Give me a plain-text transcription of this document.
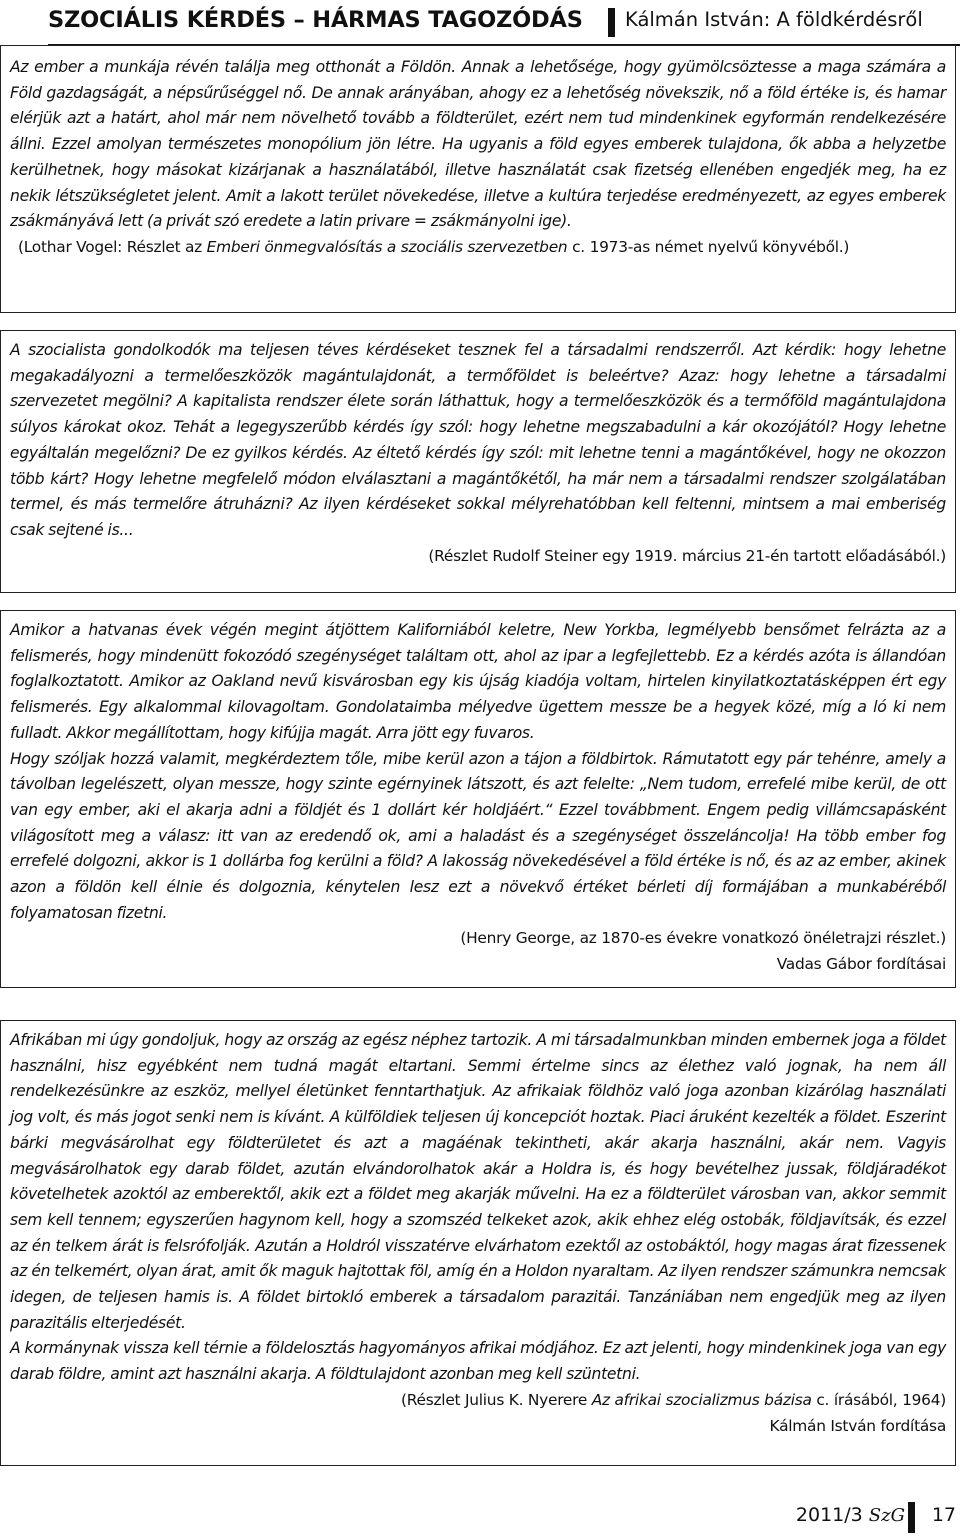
SZOCIÁLIS KÉRDÉS – HÁRMAS TAGOZÓDÁS Kálmán István: A földkérdésről

Az ember a munkája révén találja meg otthonát a Földön. Annak a lehetősége, hogy gyümölcsöztesse a maga számára a Föld gazdagságát, a népsűrűséggel nő. De annak arányában, ahogy ez a lehetőség növekszik, nő a föld értéke is, és hamar elérjük azt a határt, ahol már nem növelhető tovább a földterület, ezért nem tud mindenkinek egyformán rendelkezésére állni. Ezzel amolyan természetes monopólium jön létre. Ha ugyanis a föld egyes emberek tulajdona, ők abba a helyzetbe kerülhetnek, hogy másokat kizárjanak a használatából, illetve használatát csak fizetség ellenében engedjék meg, ha ez nekik létszükségletet jelent. Amit a lakott terület növekedése, illetve a kultúra terjedése eredményezett, az egyes emberek zsákmányává lett (a privát szó eredete a latin privare = zsákmányolni ige).

(Lothar Vogel: Részlet az Emberi önmegvalósítás a szociális szervezetben c. 1973-as német nyelvű könyvéből.)

A szocialista gondolkodók ma teljesen téves kérdéseket tesznek fel a társadalmi rendszerről. Azt kérdik: hogy lehetne megakadályozni a termelőeszközök magántulajdonát, a termőföldet is beleértve? Azaz: hogy lehetne a társadalmi szervezetet megölni? A kapitalista rendszer élete során láthattuk, hogy a termelőeszközök és a termőföld magántulajdona súlyos károkat okoz. Tehát a legegyszerűbb kérdés így szól: hogy lehetne megszabadulni a kár okozójától? Hogy lehetne egyáltalán megelőzni? De ez gyilkos kérdés. Az éltető kérdés így szól: mit lehetne tenni a magántőkével, hogy ne okozzon több kárt? Hogy lehetne megfelelő módon elválasztani a magántőkétől, ha már nem a társadalmi rendszer szolgálatában termel, és más termelőre átruházni? Az ilyen kérdéseket sokkal mélyrehatóbban kell feltenni, mintsem a mai emberiség csak sejtené is...

(Részlet Rudolf Steiner egy 1919. március 21-én tartott előadásából.)

Amikor a hatvanas évek végén megint átjöttem Kaliforniából keletre, New Yorkba, legmélyebb bensőmet felrázta az a felismerés, hogy mindenütt fokozódó szegénységet találtam ott, ahol az ipar a legfejlettebb. Ez a kérdés azóta is állandóan foglalkoztatott. Amikor az Oakland nevű kisvárosban egy kis újság kiadója voltam, hirtelen kinyilatkoztatásképpen ért egy felismerés. Egy alkalommal kilovagoltam. Gondolataimba mélyedve ügettem messze be a hegyek közé, míg a ló ki nem fulladt. Akkor megállítottam, hogy kifújja magát. Arra jött egy fuvaros.

Hogy szóljak hozzá valamit, megkérdeztem tőle, mibe kerül azon a tájon a földbirtok. Rámutatott egy pár tehénre, amely a távolban legelészett, olyan messze, hogy szinte egérnyinek látszott, és azt felelte: „Nem tudom, errefelé mibe kerül, de ott van egy ember, aki el akarja adni a földjét és 1 dollárt kér holdjáért.“ Ezzel továbbment. Engem pedig villámcsapásként világosított meg a válasz: itt van az eredendő ok, ami a haladást és a szegénységet összeláncolja! Ha több ember fog errefelé dolgozni, akkor is 1 dollárba fog kerülni a föld? A lakosság növekedésével a föld értéke is nő, és az az ember, akinek azon a földön kell élnie és dolgoznia, kénytelen lesz ezt a növekvő értéket bérleti díj formájában a munkabéréből folyamatosan fizetni.

(Henry George, az 1870-es évekre vonatkozó önéletrajzi részlet.)
Vadas Gábor fordításai

Afrikában mi úgy gondoljuk, hogy az ország az egész néphez tartozik. A mi társadalmunkban minden embernek joga a földet használni, hisz egyébként nem tudná magát eltartani. Semmi értelme sincs az élethez való jognak, ha nem áll rendelkezésünkre az eszköz, mellyel életünket fenntarthatjuk. Az afrikaiak földhöz való joga azonban kizárólag használati jog volt, és más jogot senki nem is kívánt. A külföldiek teljesen új koncepciót hoztak. Piaci áruként kezelték a földet. Eszerint bárki megvásárolhat egy földterületet és azt a magáénak tekintheti, akár akarja használni, akár nem. Vagyis megvásárolhatok egy darab földet, azután elvándorolhatok akár a Holdra is, és hogy bevételhez jussak, földjáradékot követelhetek azoktól az emberektől, akik ezt a földet meg akarják művelni. Ha ez a földterület városban van, akkor semmit sem kell tennem; egyszerűen hagynom kell, hogy a szomszéd telkeket azok, akik ehhez elég ostobák, földjavítsák, és ezzel az én telkem árát is felsrófolják. Azután a Holdról visszatérve elvárhatom ezektől az ostobáktól, hogy magas árat fizessenek az én telkemért, olyan árat, amit ők maguk hajtottak föl, amíg én a Holdon nyaraltam. Az ilyen rendszer számunkra nemcsak idegen, de teljesen hamis is. A földet birtokló emberek a társadalom parazitái. Tanzániában nem engedjük meg az ilyen parazitális elterjedését.

A kormánynak vissza kell térnie a földelosztás hagyományos afrikai módjához. Ez azt jelenti, hogy mindenkinek joga van egy darab földre, amint azt használni akarja. A földtulajdont azonban meg kell szüntetni.

(Részlet Julius K. Nyerere Az afrikai szocializmus bázisa c. írásából, 1964)
Kálmán István fordítása
2011/3 SzG 17
